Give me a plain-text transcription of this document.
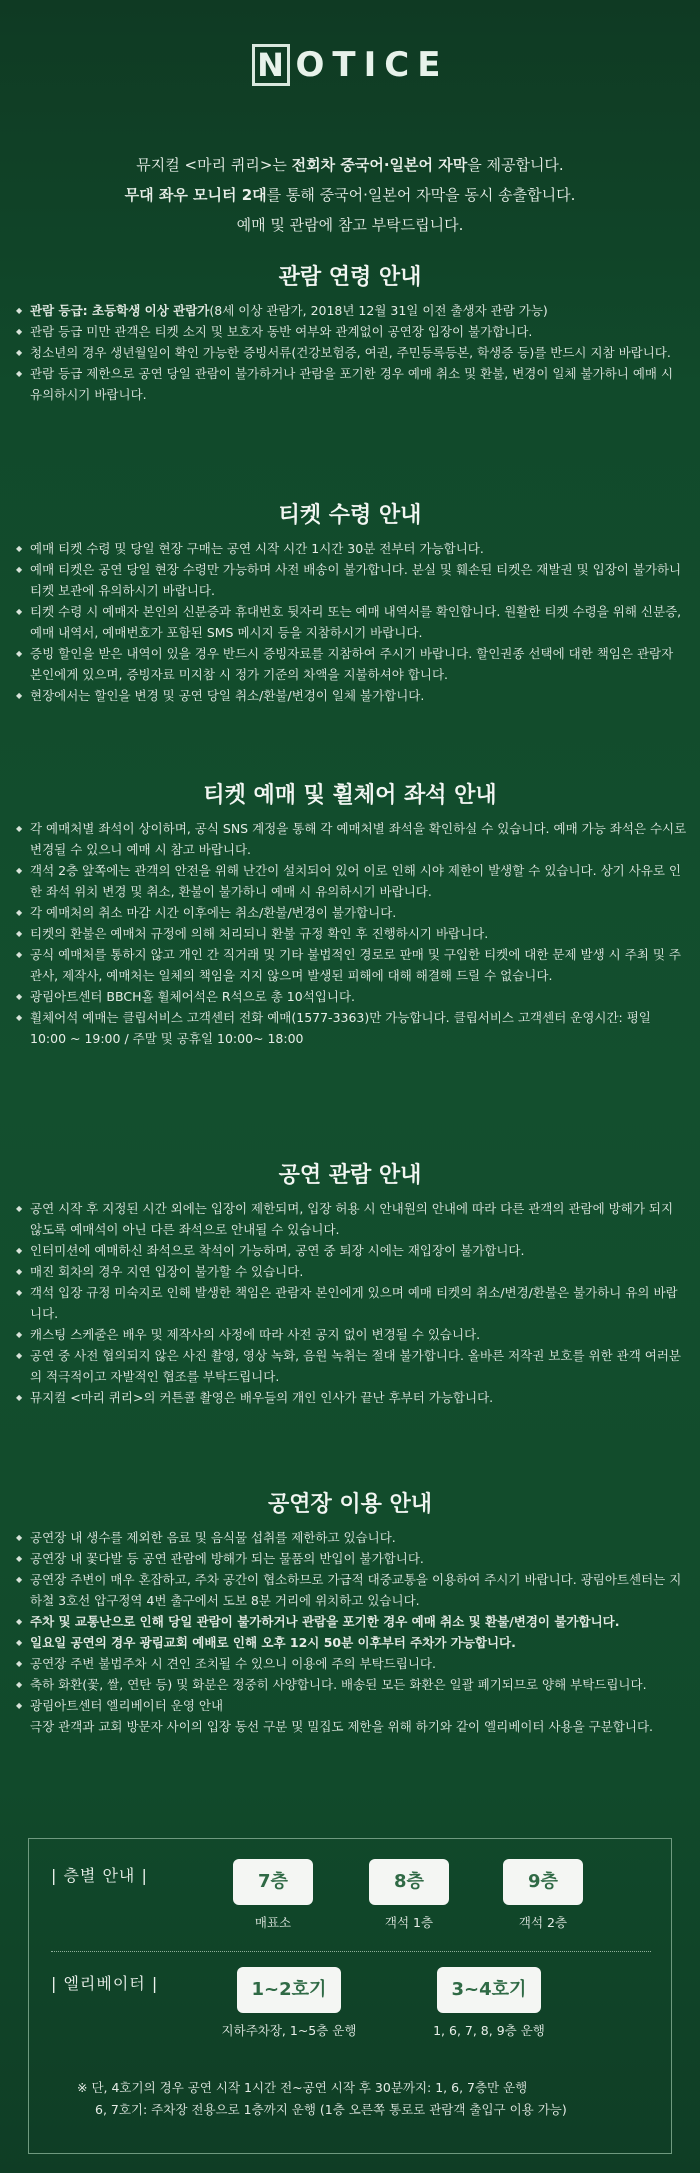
N OTICE
뮤지컬 <마리 퀴리>는 전회차 중국어·일본어 자막을 제공합니다.
무대 좌우 모니터 2대를 통해 중국어·일본어 자막을 동시 송출합니다.
예매 및 관람에 참고 부탁드립니다.
관람 연령 안내
◆ 관람 등급: 초등학생 이상 관람가(8세 이상 관람가, 2018년 12월 31일 이전 출생자 관람 가능)
◆ 관람 등급 미만 관객은 티켓 소지 및 보호자 동반 여부와 관계없이 공연장 입장이 불가합니다.
◆ 청소년의 경우 생년월일이 확인 가능한 증빙서류(건강보험증, 여권, 주민등록등본, 학생증 등)를 반드시 지참 바랍니다.
◆ 관람 등급 제한으로 공연 당일 관람이 불가하거나 관람을 포기한 경우 예매 취소 및 환불, 변경이 일체 불가하니 예매 시 유의하시기 바랍니다.
티켓 수령 안내
◆ 예매 티켓 수령 및 당일 현장 구매는 공연 시작 시간 1시간 30분 전부터 가능합니다.
◆ 예매 티켓은 공연 당일 현장 수령만 가능하며 사전 배송이 불가합니다. 분실 및 훼손된 티켓은 재발권 및 입장이 불가하니 티켓 보관에 유의하시기 바랍니다.
◆ 티켓 수령 시 예매자 본인의 신분증과 휴대번호 뒷자리 또는 예매 내역서를 확인합니다. 원활한 티켓 수령을 위해 신분증, 예매 내역서, 예매번호가 포함된 SMS 메시지 등을 지참하시기 바랍니다.
◆ 증빙 할인을 받은 내역이 있을 경우 반드시 증빙자료를 지참하여 주시기 바랍니다. 할인권종 선택에 대한 책임은 관람자 본인에게 있으며, 증빙자료 미지참 시 정가 기준의 차액을 지불하셔야 합니다.
◆ 현장에서는 할인을 변경 및 공연 당일 취소/환불/변경이 일체 불가합니다.
티켓 예매 및 휠체어 좌석 안내
◆ 각 예매처별 좌석이 상이하며, 공식 SNS 계정을 통해 각 예매처별 좌석을 확인하실 수 있습니다. 예매 가능 좌석은 수시로 변경될 수 있으니 예매 시 참고 바랍니다.
◆ 객석 2층 앞쪽에는 관객의 안전을 위해 난간이 설치되어 있어 이로 인해 시야 제한이 발생할 수 있습니다. 상기 사유로 인한 좌석 위치 변경 및 취소, 환불이 불가하니 예매 시 유의하시기 바랍니다.
◆ 각 예매처의 취소 마감 시간 이후에는 취소/환불/변경이 불가합니다.
◆ 티켓의 환불은 예매처 규정에 의해 처리되니 환불 규정 확인 후 진행하시기 바랍니다.
◆ 공식 예매처를 통하지 않고 개인 간 직거래 및 기타 불법적인 경로로 판매 및 구입한 티켓에 대한 문제 발생 시 주최 및 주관사, 제작사, 예매처는 일체의 책임을 지지 않으며 발생된 피해에 대해 해결해 드릴 수 없습니다.
◆ 광림아트센터 BBCH홀 휠체어석은 R석으로 총 10석입니다.
◆ 휠체어석 예매는 클립서비스 고객센터 전화 예매(1577-3363)만 가능합니다. 클립서비스 고객센터 운영시간: 평일 10:00 ~ 19:00 / 주말 및 공휴일 10:00~ 18:00
공연 관람 안내
◆ 공연 시작 후 지정된 시간 외에는 입장이 제한되며, 입장 허용 시 안내원의 안내에 따라 다른 관객의 관람에 방해가 되지 않도록 예매석이 아닌 다른 좌석으로 안내될 수 있습니다.
◆ 인터미션에 예매하신 좌석으로 착석이 가능하며, 공연 중 퇴장 시에는 재입장이 불가합니다.
◆ 매진 회차의 경우 지연 입장이 불가할 수 있습니다.
◆ 객석 입장 규정 미숙지로 인해 발생한 책임은 관람자 본인에게 있으며 예매 티켓의 취소/변경/환불은 불가하니 유의 바랍니다.
◆ 캐스팅 스케줄은 배우 및 제작사의 사정에 따라 사전 공지 없이 변경될 수 있습니다.
◆ 공연 중 사전 협의되지 않은 사진 촬영, 영상 녹화, 음원 녹취는 절대 불가합니다. 올바른 저작권 보호를 위한 관객 여러분의 적극적이고 자발적인 협조를 부탁드립니다.
◆ 뮤지컬 <마리 퀴리>의 커튼콜 촬영은 배우들의 개인 인사가 끝난 후부터 가능합니다.
공연장 이용 안내
◆ 공연장 내 생수를 제외한 음료 및 음식물 섭취를 제한하고 있습니다.
◆ 공연장 내 꽃다발 등 공연 관람에 방해가 되는 물품의 반입이 불가합니다.
◆ 공연장 주변이 매우 혼잡하고, 주차 공간이 협소하므로 가급적 대중교통을 이용하여 주시기 바랍니다. 광림아트센터는 지하철 3호선 압구정역 4번 출구에서 도보 8분 거리에 위치하고 있습니다.
◆ 주차 및 교통난으로 인해 당일 관람이 불가하거나 관람을 포기한 경우 예매 취소 및 환불/변경이 불가합니다.
◆ 일요일 공연의 경우 광림교회 예배로 인해 오후 12시 50분 이후부터 주차가 가능합니다.
◆ 공연장 주변 불법주차 시 견인 조치될 수 있으니 이용에 주의 부탁드립니다.
◆ 축하 화환(꽃, 쌀, 연탄 등) 및 화분은 정중히 사양합니다. 배송된 모든 화환은 일괄 폐기되므로 양해 부탁드립니다.
◆ 광림아트센터 엘리베이터 운영 안내
극장 관객과 교회 방문자 사이의 입장 동선 구분 및 밀집도 제한을 위해 하기와 같이 엘리베이터 사용을 구분합니다.
| 층별 안내 |	7층
매표소
8층
객석 1층
9층
객석 2층
| 엘리베이터 |	1~2호기
지하주차장, 1~5층 운행
3~4호기
1, 6, 7, 8, 9층 운행
※ 단, 4호기의 경우 공연 시작 1시간 전~공연 시작 후 30분까지: 1, 6, 7층만 운행
6, 7호기: 주차장 전용으로 1층까지 운행 (1층 오른쪽 통로로 관람객 출입구 이용 가능)
